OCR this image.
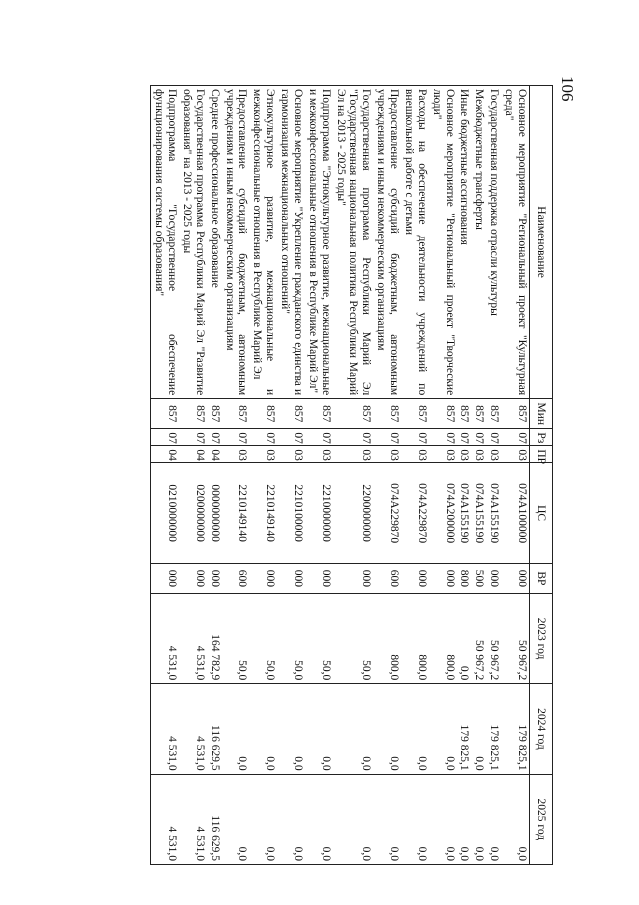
106
Наименование	Мин	Рз	ПР	ЦС	ВР	2023 год	2024 год	2025 год
Основное мероприятие "Региональный проект "Культурная среда"	857	07	03	074A100000	000	50 967,2	179 825,1	0,0
Государственная поддержка отрасли культуры	857	07	03	074A155190	000	50 967,2	179 825,1	0,0
Межбюджетные трансферты	857	07	03	074A155190	500	50 967,2	0,0	0,0
Иные бюджетные ассигнования	857	07	03	074A155190	800	0,0	179 825,1	0,0
Основное мероприятие "Региональный проект "Творческие люди"	857	07	03	074A200000	000	800,0	0,0	0,0
Расходы на обеспечение деятельности учреждений по внешкольной работе с детьми	857	07	03	074A229870	000	800,0	0,0	0,0
Предоставление субсидий бюджетным, автономным учреждениям и иным некоммерческим организациям	857	07	03	074A229870	600	800,0	0,0	0,0
Государственная программа Республики Марий Эл "Государственная национальная политика Республики Марий Эл на 2013 - 2025 годы"	857	07	03	2200000000	000	50,0	0,0	0,0
Подпрограмма "Этнокультурное развитие, межнациональные и межконфессиональные отношения в Республике Марий Эл"	857	07	03	2210000000	000	50,0	0,0	0,0
Основное мероприятие "Укрепление гражданского единства и гармонизация межнациональных отношений"	857	07	03	2210100000	000	50,0	0,0	0,0
Этнокультурное развитие, межнациональные и межконфессиональные отношения в Республике Марий Эл	857	07	03	2210149140	000	50,0	0,0	0,0
Предоставление субсидий бюджетным, автономным учреждениям и иным некоммерческим организациям	857	07	03	2210149140	600	50,0	0,0	0,0
Среднее профессиональное образование	857	07	04	0000000000	000	164 782,9	116 629,5	116 629,5
Государственная программа Республики Марий Эл "Развитие образования" на 2013 - 2025 годы	857	07	04	0200000000	000	4 531,0	4 531,0	4 531,0
Подпрограмма "Государственное обеспечение функционирования системы образования"	857	07	04	0210000000	000	4 531,0	4 531,0	4 531,0
